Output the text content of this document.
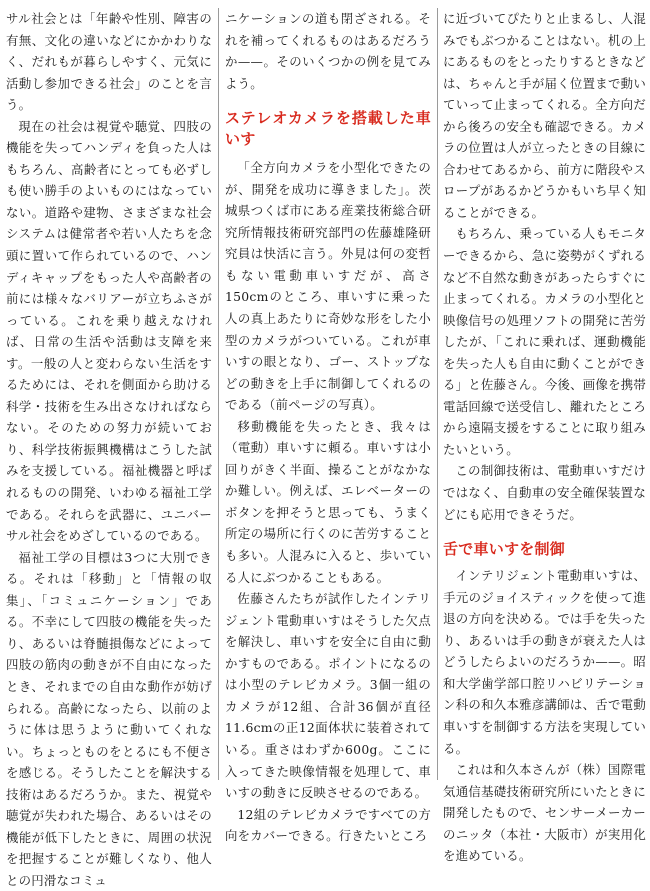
サル社会とは「年齢や性別、障害の有無、文化の違いなどにかかわりなく、だれもが暮らしやすく、元気に活動し参加できる社会」のことを言う。

現在の社会は視覚や聴覚、四肢の機能を失ってハンディを負った人はもちろん、高齢者にとっても必ずしも使い勝手のよいものにはなっていない。道路や建物、さまざまな社会システムは健常者や若い人たちを念頭に置いて作られているので、ハンディキャップをもった人や高齢者の前には様々なバリアーが立ちふさがっている。これを乗り越えなければ、日常の生活や活動は支障を来す。一般の人と変わらない生活をするためには、それを側面から助ける科学・技術を生み出さなければならない。そのための努力が続いており、科学技術振興機構はこうした試みを支援している。福祉機器と呼ばれるものの開発、いわゆる福祉工学である。それらを武器に、ユニバーサル社会をめざしているのである。

福祉工学の目標は3つに大別できる。それは「移動」と「情報の収集」、「コミュニケーション」である。不幸にして四肢の機能を失ったり、あるいは脊髄損傷などによって四肢の筋肉の動きが不自由になったとき、それまでの自由な動作が妨げられる。高齢になったら、以前のように体は思うように動いてくれない。ちょっとものをとるにも不便さを感じる。そうしたことを解決する技術はあるだろうか。また、視覚や聴覚が失われた場合、あるいはその機能が低下したときに、周囲の状況を把握することが難しくなり、他人との円滑なコミュ

ニケーションの道も閉ざされる。それを補ってくれるものはあるだろうか——。そのいくつかの例を見てみよう。

ステレオカメラを搭載した車いす

「全方向カメラを小型化できたのが、開発を成功に導きました」。茨城県つくば市にある産業技術総合研究所情報技術研究部門の佐藤雄隆研究員は快活に言う。外見は何の変哲もない電動車いすだが、高さ150cmのところ、車いすに乗った人の真上あたりに奇妙な形をした小型のカメラがついている。これが車いすの眼となり、ゴー、ストップなどの動きを上手に制御してくれるのである（前ページの写真）。

移動機能を失ったとき、我々は（電動）車いすに頼る。車いすは小回りがきく半面、操ることがなかなか難しい。例えば、エレベーターのボタンを押そうと思っても、うまく所定の場所に行くのに苦労することも多い。人混みに入ると、歩いている人にぶつかることもある。

佐藤さんたちが試作したインテリジェント電動車いすはそうした欠点を解決し、車いすを安全に自由に動かすものである。ポイントになるのは小型のテレビカメラ。3個一組のカメラが12組、合計36個が直径11.6cmの正12面体状に装着されている。重さはわずか600g。ここに入ってきた映像情報を処理して、車いすの動きに反映させるのである。

12組のテレビカメラですべての方向をカバーできる。行きたいところ

に近づいてぴたりと止まるし、人混みでもぶつかることはない。机の上にあるものをとったりするときなどは、ちゃんと手が届く位置まで動いていって止まってくれる。全方向だから後ろの安全も確認できる。カメラの位置は人が立ったときの目線に合わせてあるから、前方に階段やスロープがあるかどうかもいち早く知ることができる。

もちろん、乗っている人もモニターできるから、急に姿勢がくずれるなど不自然な動きがあったらすぐに止まってくれる。カメラの小型化と映像信号の処理ソフトの開発に苦労したが、「これに乗れば、運動機能を失った人も自由に動くことができる」と佐藤さん。今後、画像を携帯電話回線で送受信し、離れたところから遠隔支援をすることに取り組みたいという。

この制御技術は、電動車いすだけではなく、自動車の安全確保装置などにも応用できそうだ。

舌で車いすを制御

インテリジェント電動車いすは、手元のジョイスティックを使って進退の方向を決める。では手を失ったり、あるいは手の動きが衰えた人はどうしたらよいのだろうか——。昭和大学歯学部口腔リハビリテーション科の和久本雅彦講師は、舌で電動車いすを制御する方法を実現している。

これは和久本さんが（株）国際電気通信基礎技術研究所にいたときに開発したもので、センサーメーカーのニッタ（本社・大阪市）が実用化を進めている。
